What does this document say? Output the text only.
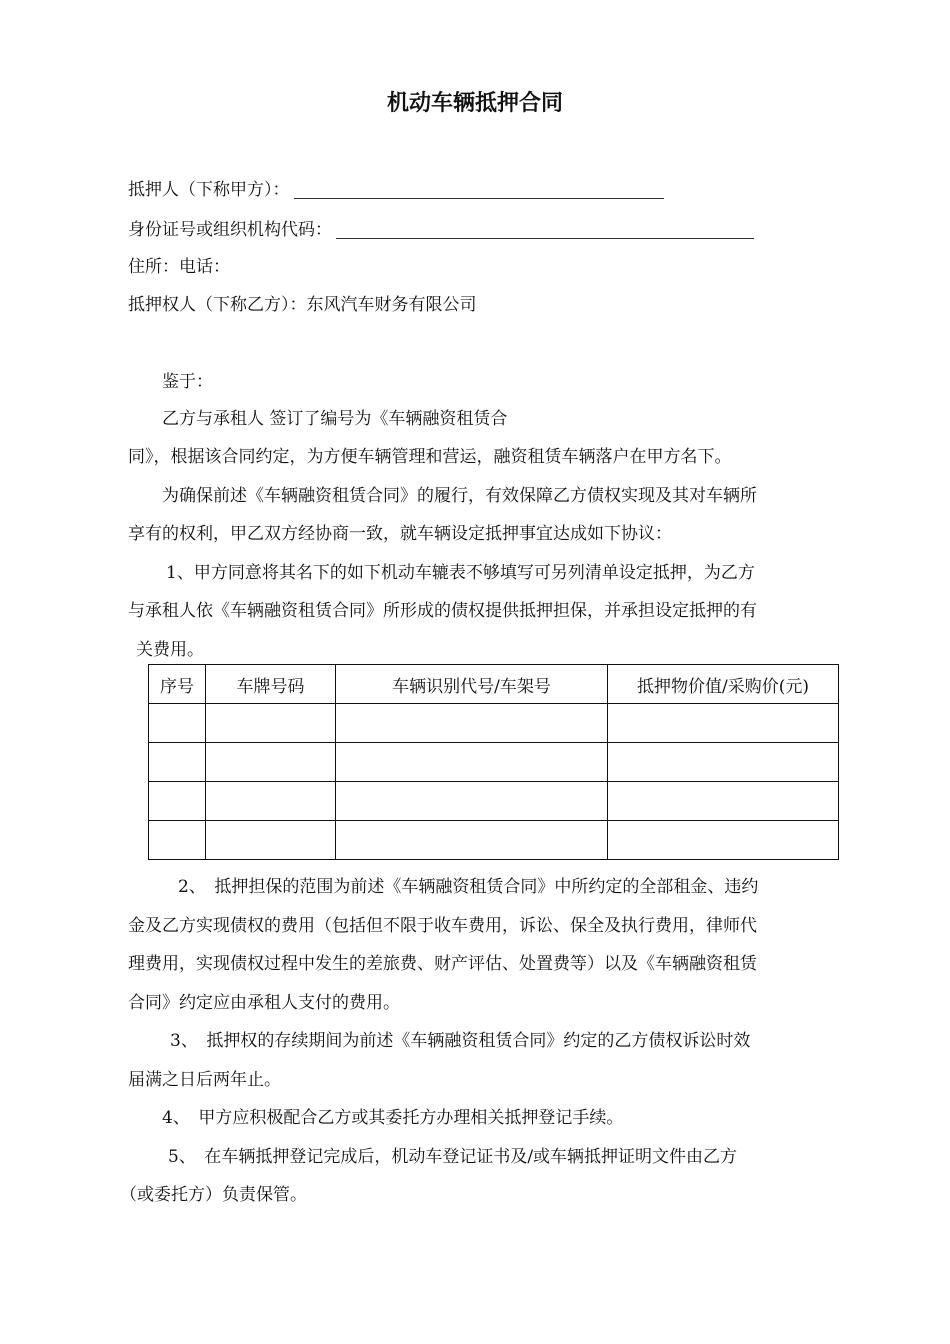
机动车辆抵押合同
抵押人（下称甲方）：
身份证号或组织机构代码：
住所：电话：
抵押权人（下称乙方）：东风汽车财务有限公司
鉴于：
乙方与承租人 签订了编号为《车辆融资租赁合
同》，根据该合同约定，为方便车辆管理和营运，融资租赁车辆落户在甲方名下。
为确保前述《车辆融资租赁合同》的履行，有效保障乙方债权实现及其对车辆所
享有的权利，甲乙双方经协商一致，就车辆设定抵押事宜达成如下协议：
1、甲方同意将其名下的如下机动车辘表不够填写可另列清单设定抵押，为乙方
与承租人依《车辆融资租赁合同》所形成的债权提供抵押担保，并承担设定抵押的有
关费用。
序号	车牌号码	车辆识别代号/车架号	抵押物价值/采购价(元)

2、　抵押担保的范围为前述《车辆融资租赁合同》中所约定的全部租金、违约
金及乙方实现债权的费用（包括但不限于收车费用，诉讼、保全及执行费用，律师代
理费用，实现债权过程中发生的差旅费、财产评估、处置费等）以及《车辆融资租赁
合同》约定应由承租人支付的费用。
3、　抵押权的存续期间为前述《车辆融资租赁合同》约定的乙方债权诉讼时效
届满之日后两年止。
4、　甲方应积极配合乙方或其委托方办理相关抵押登记手续。
5、　在车辆抵押登记完成后，机动车登记证书及/或车辆抵押证明文件由乙方
（或委托方）负责保管。
